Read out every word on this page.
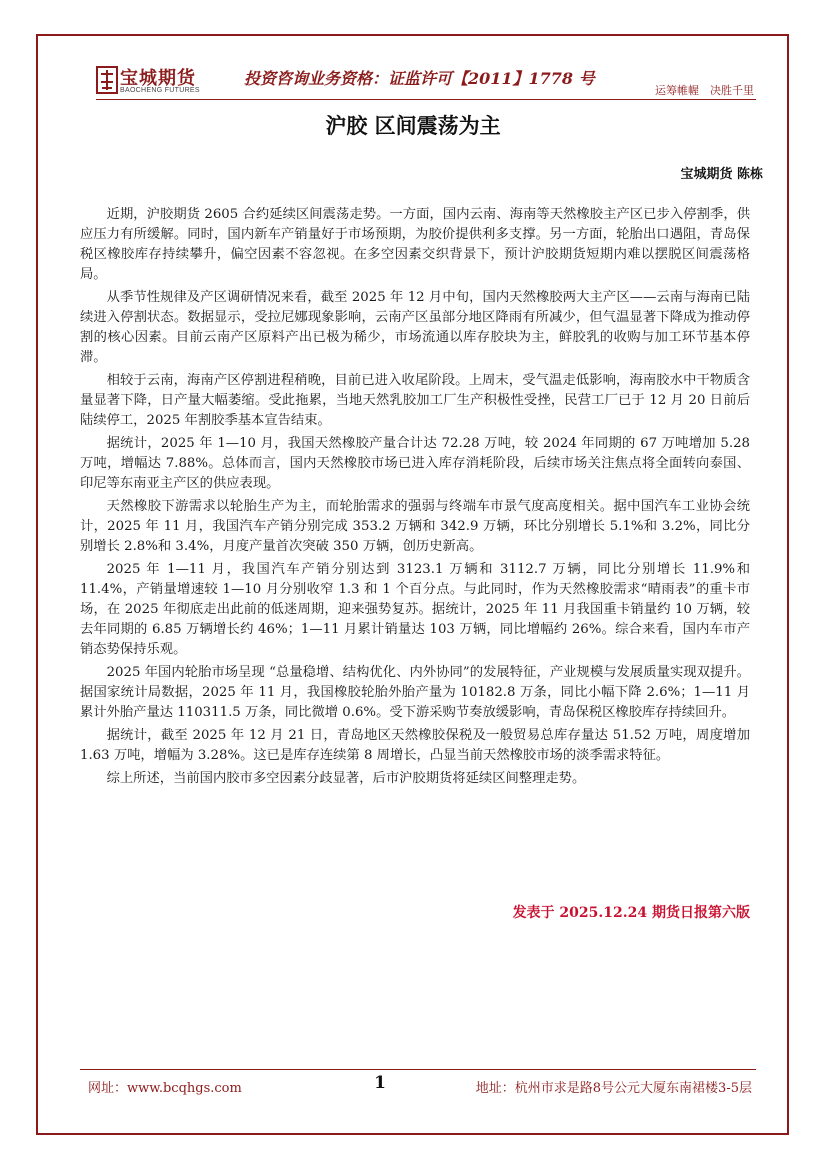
宝城期货
BAOCHENG FUTURES
投资咨询业务资格：证监许可【2011】1778 号
运筹帷幄　决胜千里
沪胶 区间震荡为主
宝城期货 陈栋

近期，沪胶期货 2605 合约延续区间震荡走势。一方面，国内云南、海南等天然橡胶主产区已步入停割季，供应压力有所缓解。同时，国内新车产销量好于市场预期，为胶价提供利多支撑。另一方面，轮胎出口遇阻，青岛保税区橡胶库存持续攀升，偏空因素不容忽视。在多空因素交织背景下，预计沪胶期货短期内难以摆脱区间震荡格局。

从季节性规律及产区调研情况来看，截至 2025 年 12 月中旬，国内天然橡胶两大主产区——云南与海南已陆续进入停割状态。数据显示，受拉尼娜现象影响，云南产区虽部分地区降雨有所减少，但气温显著下降成为推动停割的核心因素。目前云南产区原料产出已极为稀少，市场流通以库存胶块为主，鲜胶乳的收购与加工环节基本停滞。

相较于云南，海南产区停割进程稍晚，目前已进入收尾阶段。上周末，受气温走低影响，海南胶水中干物质含量显著下降，日产量大幅萎缩。受此拖累，当地天然乳胶加工厂生产积极性受挫，民营工厂已于 12 月 20 日前后陆续停工，2025 年割胶季基本宣告结束。

据统计，2025 年 1—10 月，我国天然橡胶产量合计达 72.28 万吨，较 2024 年同期的 67 万吨增加 5.28 万吨，增幅达 7.88%。总体而言，国内天然橡胶市场已进入库存消耗阶段，后续市场关注焦点将全面转向泰国、印尼等东南亚主产区的供应表现。

天然橡胶下游需求以轮胎生产为主，而轮胎需求的强弱与终端车市景气度高度相关。据中国汽车工业协会统计，2025 年 11 月，我国汽车产销分别完成 353.2 万辆和 342.9 万辆，环比分别增长 5.1%和 3.2%，同比分别增长 2.8%和 3.4%，月度产量首次突破 350 万辆，创历史新高。

2025 年 1—11 月，我国汽车产销分别达到 3123.1 万辆和 3112.7 万辆，同比分别增长 11.9%和 11.4%，产销量增速较 1—10 月分别收窄 1.3 和 1 个百分点。与此同时，作为天然橡胶需求“晴雨表”的重卡市场，在 2025 年彻底走出此前的低迷周期，迎来强势复苏。据统计，2025 年 11 月我国重卡销量约 10 万辆，较去年同期的 6.85 万辆增长约 46%；1—11 月累计销量达 103 万辆，同比增幅约 26%。综合来看，国内车市产销态势保持乐观。

2025 年国内轮胎市场呈现 “总量稳增、结构优化、内外协同”的发展特征，产业规模与发展质量实现双提升。据国家统计局数据，2025 年 11 月，我国橡胶轮胎外胎产量为 10182.8 万条，同比小幅下降 2.6%；1—11 月累计外胎产量达 110311.5 万条，同比微增 0.6%。受下游采购节奏放缓影响，青岛保税区橡胶库存持续回升。

据统计，截至 2025 年 12 月 21 日，青岛地区天然橡胶保税及一般贸易总库存量达 51.52 万吨，周度增加 1.63 万吨，增幅为 3.28%。这已是库存连续第 8 周增长，凸显当前天然橡胶市场的淡季需求特征。

综上所述，当前国内胶市多空因素分歧显著，后市沪胶期货将延续区间整理走势。

发表于 2025.12.24 期货日报第六版
网址：www.bcqhgs.com	1	地址：杭州市求是路8号公元大厦东南裙楼3-5层
